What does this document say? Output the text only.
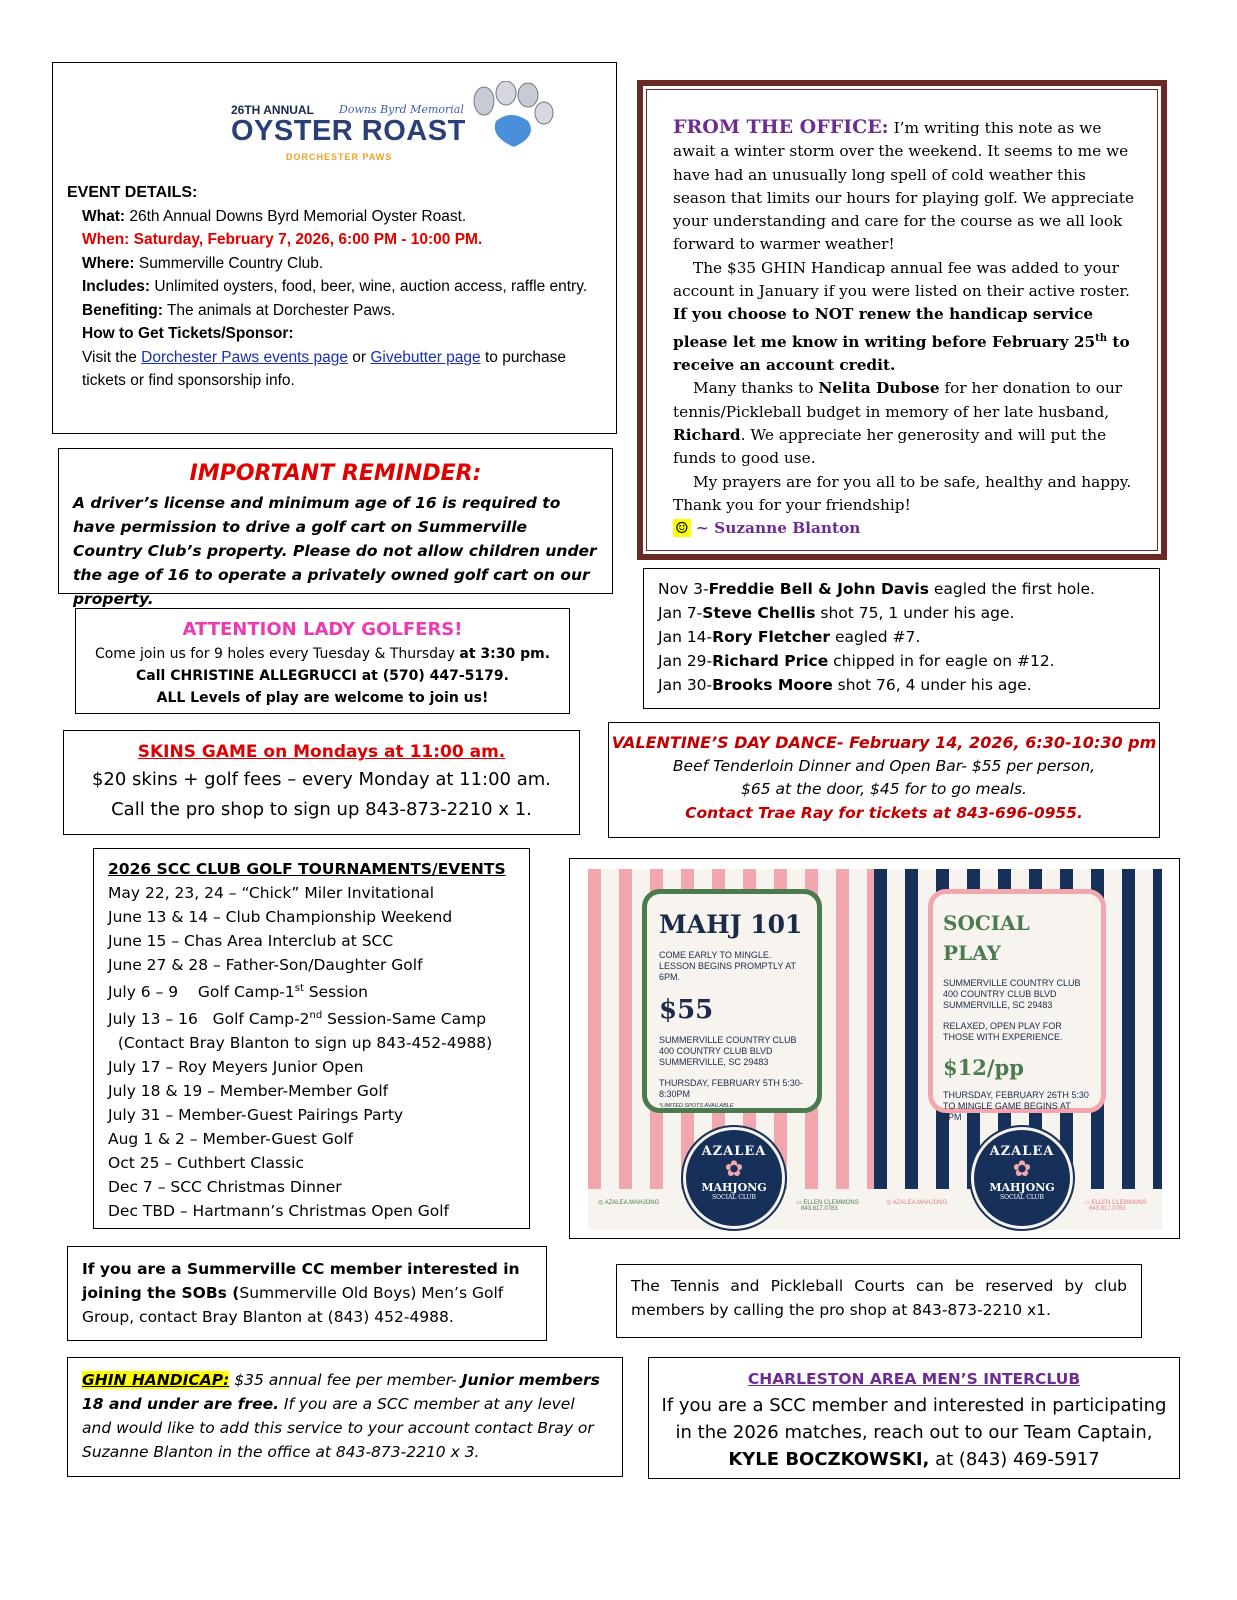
26TH ANNUAL Downs Byrd Memorial
OYSTER ROAST
DORCHESTER PAWS
EVENT DETAILS:
What: 26th Annual Downs Byrd Memorial Oyster Roast.
When: Saturday, February 7, 2026, 6:00 PM - 10:00 PM.
Where: Summerville Country Club.
Includes: Unlimited oysters, food, beer, wine, auction access, raffle entry.
Benefiting: The animals at Dorchester Paws.
How to Get Tickets/Sponsor:
Visit the Dorchester Paws events page or Givebutter page to purchase tickets or find sponsorship info.

FROM THE OFFICE: I’m writing this note as we await a winter storm over the weekend. It seems to me we have had an unusually long spell of cold weather this season that limits our hours for playing golf. We appreciate your understanding and care for the course as we all look forward to warmer weather!

The $35 GHIN Handicap annual fee was added to your account in January if you were listed on their active roster. If you choose to NOT renew the handicap service please let me know in writing before February 25th to receive an account credit.

Many thanks to Nelita Dubose for her donation to our tennis/Pickleball budget in memory of her late husband, Richard. We appreciate her generosity and will put the funds to good use.

My prayers are for you all to be safe, healthy and happy. Thank you for your friendship!

☺ ~ Suzanne Blanton

IMPORTANT REMINDER:
A driver’s license and minimum age of 16 is required to have permission to drive a golf cart on Summerville Country Club’s property. Please do not allow children under the age of 16 to operate a privately owned golf cart on our property.
Nov 3-Freddie Bell & John Davis eagled the first hole.
Jan 7-Steve Chellis shot 75, 1 under his age.
Jan 14-Rory Fletcher eagled #7.
Jan 29-Richard Price chipped in for eagle on #12.
Jan 30-Brooks Moore shot 76, 4 under his age.
ATTENTION LADY GOLFERS!
Come join us for 9 holes every Tuesday & Thursday at 3:30 pm.
Call CHRISTINE ALLEGRUCCI at (570) 447-5179.
ALL Levels of play are welcome to join us!
SKINS GAME on Mondays at 11:00 am.
$20 skins + golf fees – every Monday at 11:00 am.
Call the pro shop to sign up 843-873-2210 x 1.
VALENTINE’S DAY DANCE- February 14, 2026, 6:30-10:30 pm
Beef Tenderloin Dinner and Open Bar- $55 per person,
$65 at the door, $45 for to go meals.
Contact Trae Ray for tickets at 843-696-0955.
2026 SCC CLUB GOLF TOURNAMENTS/EVENTS
May 22, 23, 24 – “Chick” Miler Invitational
June 13 & 14 – Club Championship Weekend
June 15 – Chas Area Interclub at SCC
June 27 & 28 – Father-Son/Daughter Golf
July 6 – 9    Golf Camp-1st Session
July 13 – 16   Golf Camp-2nd Session-Same Camp
(Contact Bray Blanton to sign up 843-452-4988)
July 17 – Roy Meyers Junior Open
July 18 & 19 – Member-Member Golf
July 31 – Member-Guest Pairings Party
Aug 1 & 2 – Member-Guest Golf
Oct 25 – Cuthbert Classic
Dec 7 – SCC Christmas Dinner
Dec TBD – Hartmann’s Christmas Open Golf
MAHJ 101
COME EARLY TO MINGLE. LESSON BEGINS PROMPTLY AT 6PM.
$55
SUMMERVILLE COUNTRY CLUB 400 COUNTRY CLUB BLVD SUMMERVILLE, SC 29483
THURSDAY, FEBRUARY 5TH 5:30-8:30PM
*LIMITED SPOTS AVAILABLE
SOCIAL PLAY
SUMMERVILLE COUNTRY CLUB 400 COUNTRY CLUB BLVD SUMMERVILLE, SC 29483
RELAXED, OPEN PLAY FOR THOSE WITH EXPERIENCE.
$12/pp
THURSDAY, FEBRUARY 26TH 5:30 TO MINGLE GAME BEGINS AT 6PM
AZALEA
✿
MAHJONG
SOCIAL CLUB
AZALEA
✿
MAHJONG
SOCIAL CLUB
◎ AZALEA.MAHJONG	▭ ELLEN CLEMMONS
843.817.0783
◎ AZALEA.MAHJONG	▭ ELLEN CLEMMONS
843.817.0783
If you are a Summerville CC member interested in joining the SOBs (Summerville Old Boys) Men’s Golf Group, contact Bray Blanton at (843) 452-4988.
The Tennis and Pickleball Courts can be reserved by club members by calling the pro shop at 843-873-2210 x1.
GHIN HANDICAP: $35 annual fee per member- Junior members 18 and under are free. If you are a SCC member at any level and would like to add this service to your account contact Bray or Suzanne Blanton in the office at 843-873-2210 x 3.
CHARLESTON AREA MEN’S INTERCLUB
If you are a SCC member and interested in participating
in the 2026 matches, reach out to our Team Captain,
KYLE BOCZKOWSKI, at (843) 469-5917
